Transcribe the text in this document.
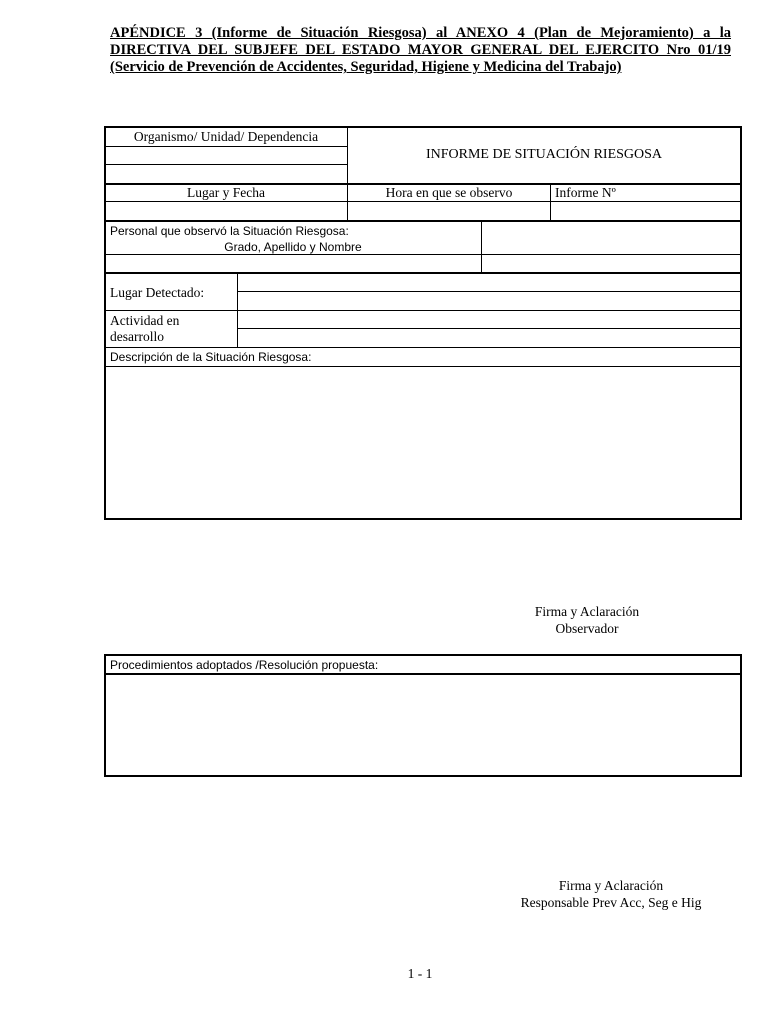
APÉNDICE 3 (Informe de Situación Riesgosa) al ANEXO 4 (Plan de Mejoramiento) a la DIRECTIVA DEL SUBJEFE DEL ESTADO MAYOR GENERAL DEL EJERCITO Nro 01/19 (Servicio de Prevención de Accidentes, Seguridad, Higiene y Medicina del Trabajo)
Organismo/ Unidad/ Dependencia
INFORME DE SITUACIÓN RIESGOSA
Lugar y Fecha	Hora en que se observo	Informe Nº
Personal que observó la Situación Riesgosa:
Grado, Apellido y Nombre
Lugar Detectado:
Actividad en
desarrollo
Descripción de la Situación Riesgosa:
Firma y Aclaración
Observador
Procedimientos adoptados /Resolución propuesta:
Firma y Aclaración
Responsable Prev Acc, Seg e Hig
1 - 1
